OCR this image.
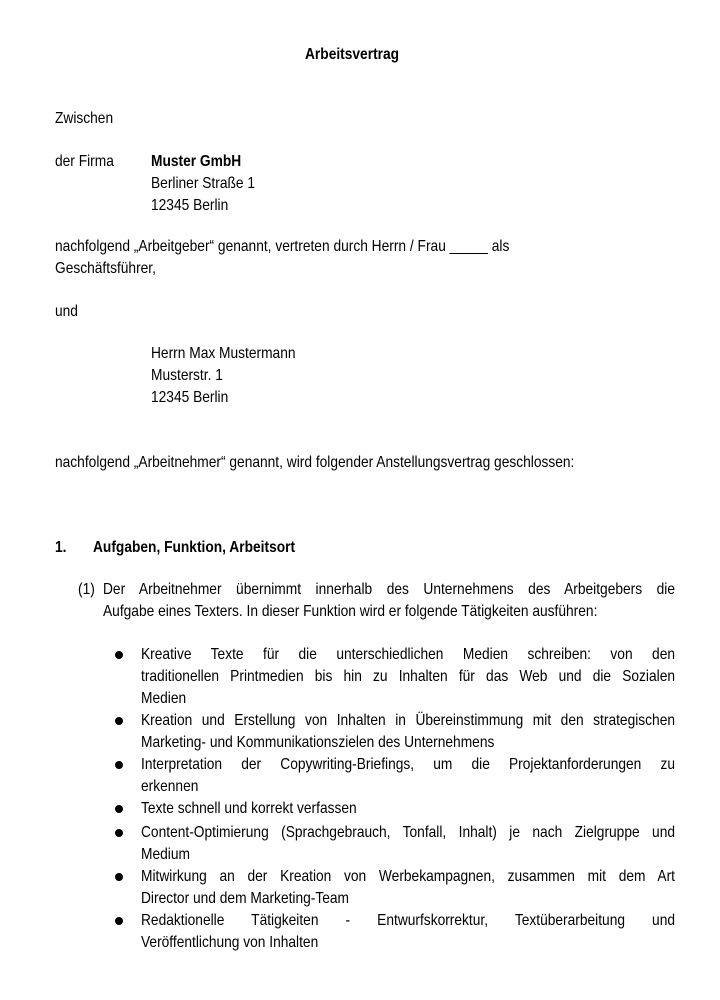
Arbeitsvertrag
Zwischen
der Firma	Muster GmbH
Berliner Straße 1
12345 Berlin
nachfolgend „Arbeitgeber“ genannt, vertreten durch Herrn / Frau _____ als
Geschäftsführer,
und
Herrn Max Mustermann
Musterstr. 1
12345 Berlin
nachfolgend „Arbeitnehmer“ genannt, wird folgender Anstellungsvertrag geschlossen:
1. Aufgaben, Funktion, Arbeitsort
(1) Der Arbeitnehmer übernimmt innerhalb des Unternehmens des Arbeitgebers die
Aufgabe eines Texters. In dieser Funktion wird er folgende Tätigkeiten ausführen:
Kreative Texte für die unterschiedlichen Medien schreiben: von den
traditionellen Printmedien bis hin zu Inhalten für das Web und die Sozialen
Medien
Kreation und Erstellung von Inhalten in Übereinstimmung mit den strategischen
Marketing- und Kommunikationszielen des Unternehmens
Interpretation der Copywriting-Briefings, um die Projektanforderungen zu
erkennen
Texte schnell und korrekt verfassen
Content-Optimierung (Sprachgebrauch, Tonfall, Inhalt) je nach Zielgruppe und
Medium
Mitwirkung an der Kreation von Werbekampagnen, zusammen mit dem Art
Director und dem Marketing-Team
Redaktionelle Tätigkeiten - Entwurfskorrektur, Textüberarbeitung und
Veröffentlichung von Inhalten
